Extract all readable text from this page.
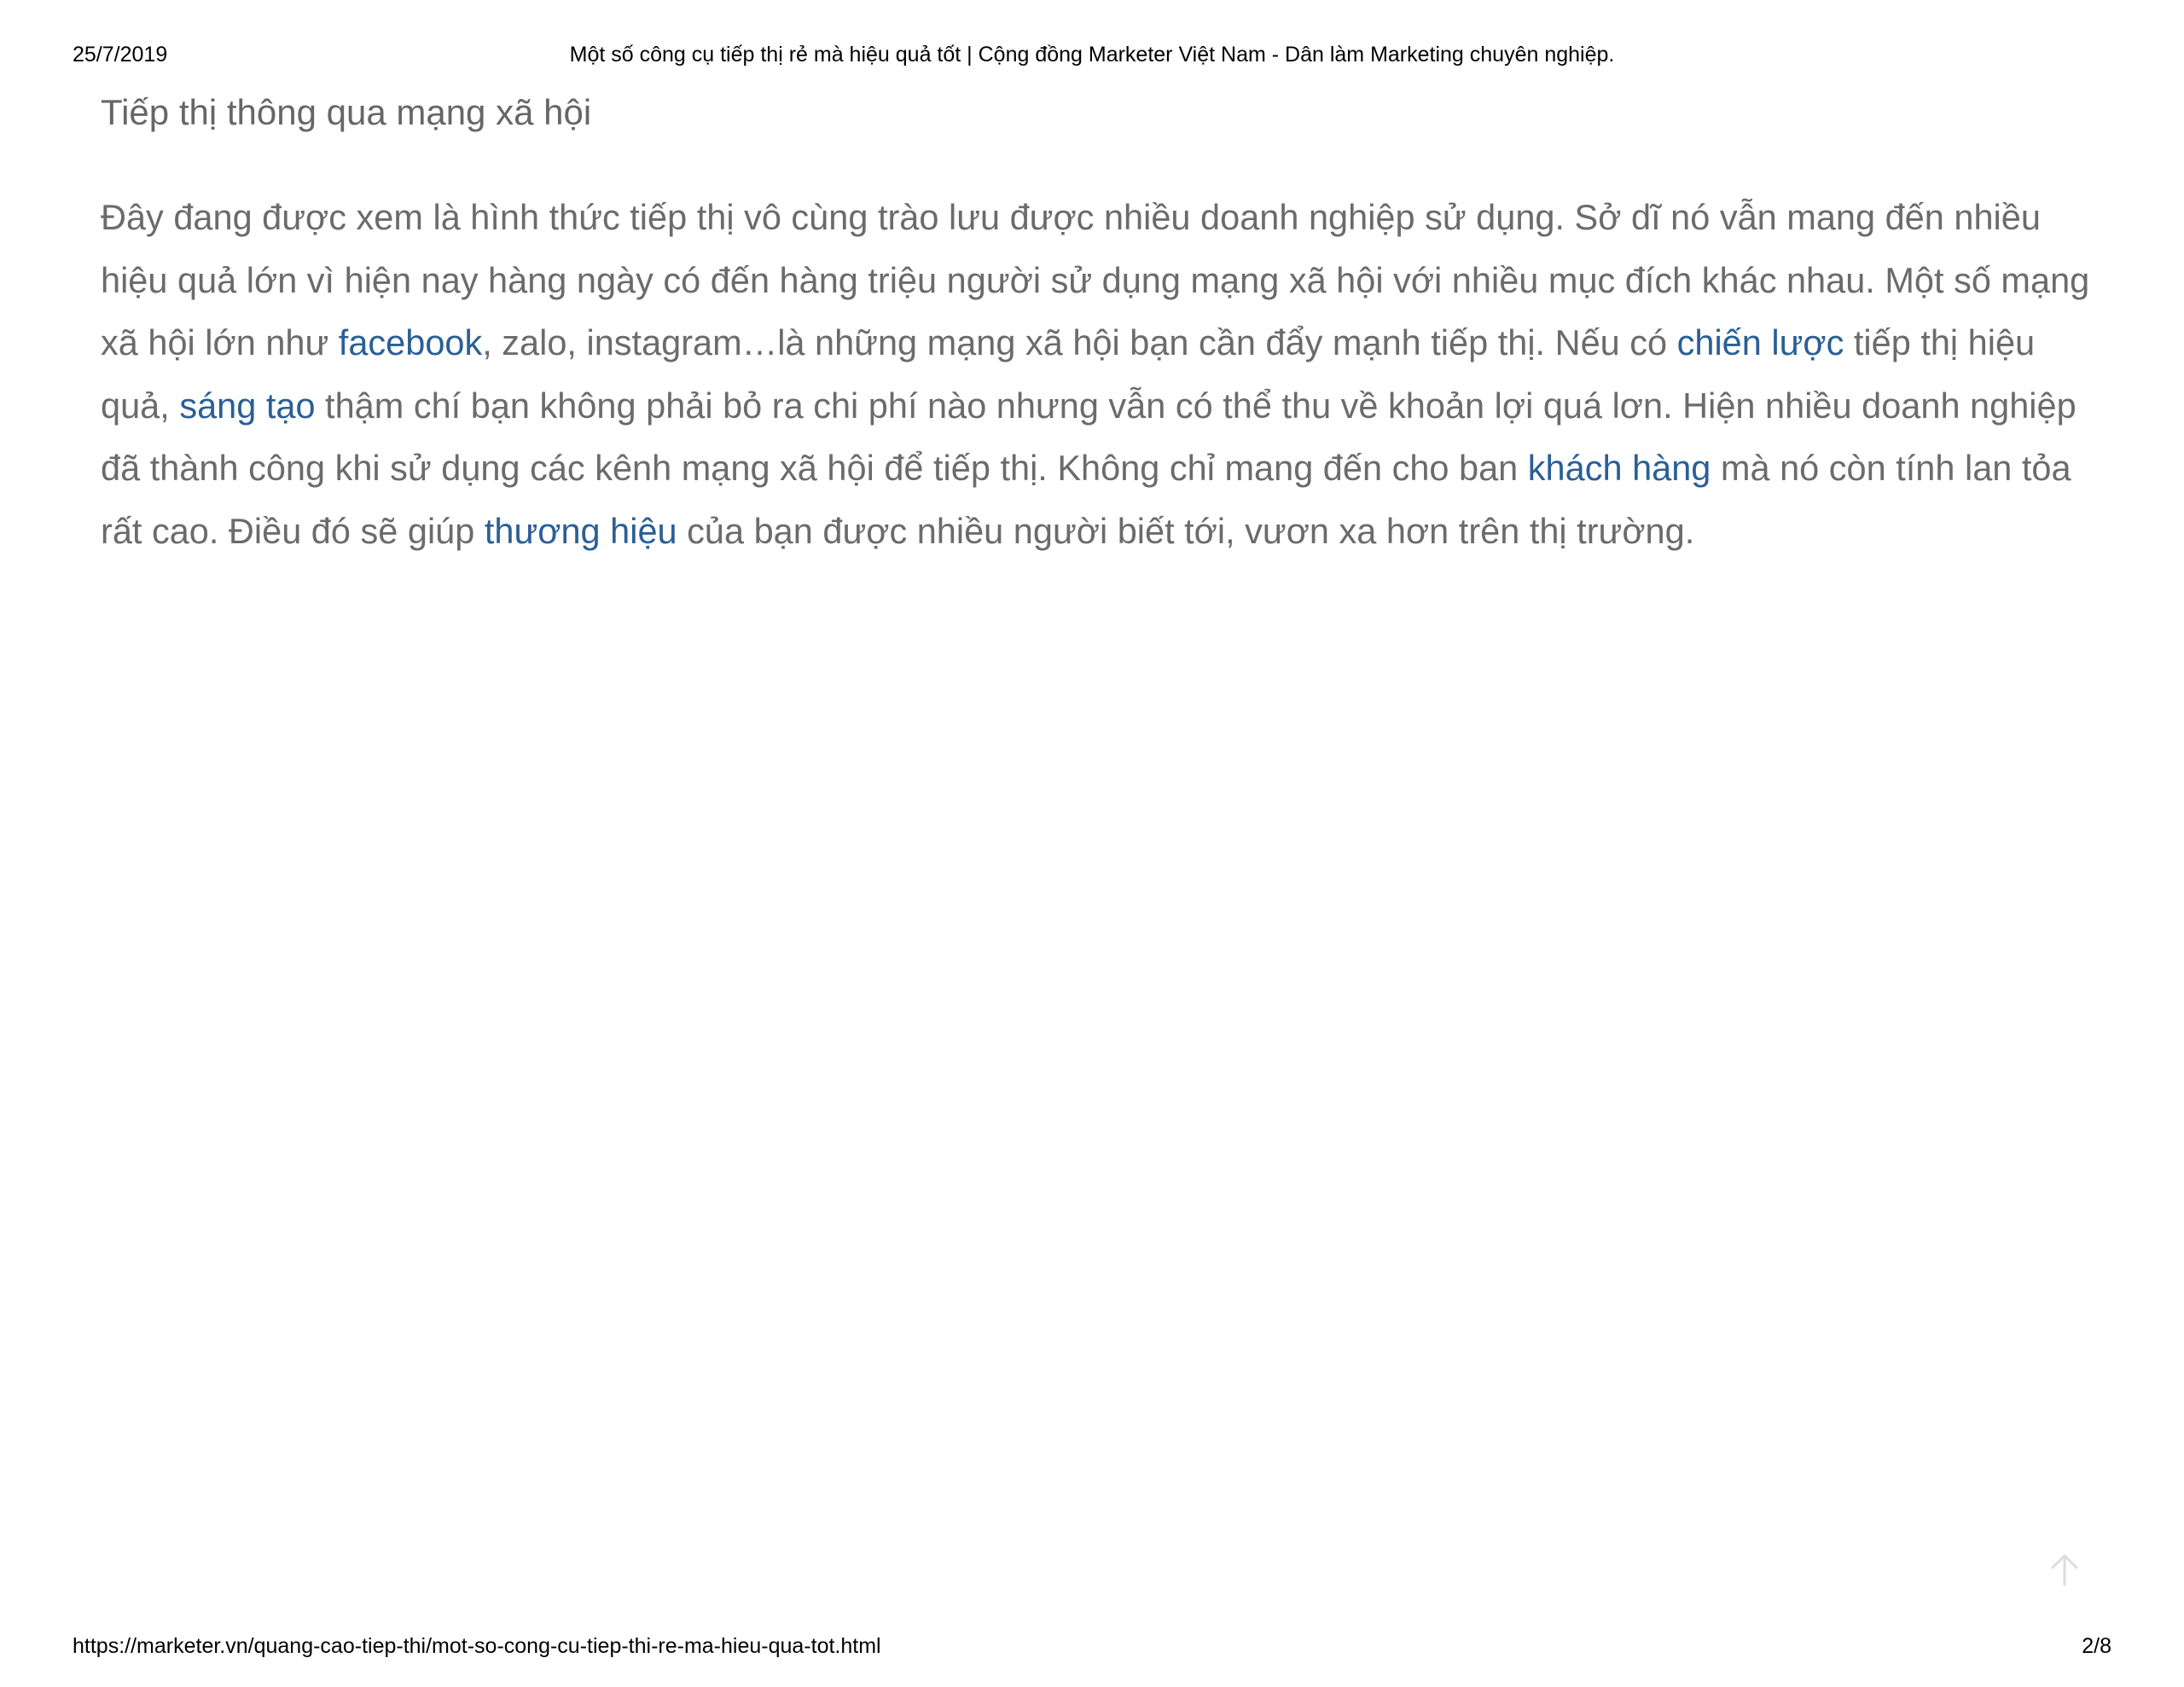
Một số công cụ tiếp thị rẻ mà hiệu quả tốt | Cộng đồng Marketer Việt Nam - Dân làm Marketing chuyên nghiệp.
25/7/2019
Tiếp thị thông qua mạng xã hội

Đây đang được xem là hình thức tiếp thị vô cùng trào lưu được nhiều doanh nghiệp sử dụng. Sở dĩ nó vẫn mang đến nhiều hiệu quả lớn vì hiện nay hàng ngày có đến hàng triệu người sử dụng mạng xã hội với nhiều mục đích khác nhau. Một số mạng xã hội lớn như facebook, zalo, instagram…là những mạng xã hội bạn cần đẩy mạnh tiếp thị. Nếu có chiến lược tiếp thị hiệu quả, sáng tạo thậm chí bạn không phải bỏ ra chi phí nào nhưng vẫn có thể thu về khoản lợi quá lơn. Hiện nhiều doanh nghiệp đã thành công khi sử dụng các kênh mạng xã hội để tiếp thị. Không chỉ mang đến cho ban khách hàng mà nó còn tính lan tỏa rất cao. Điều đó sẽ giúp thương hiệu của bạn được nhiều người biết tới, vươn xa hơn trên thị trường.

https://marketer.vn/quang-cao-tiep-thi/mot-so-cong-cu-tiep-thi-re-ma-hieu-qua-tot.html	2/8
